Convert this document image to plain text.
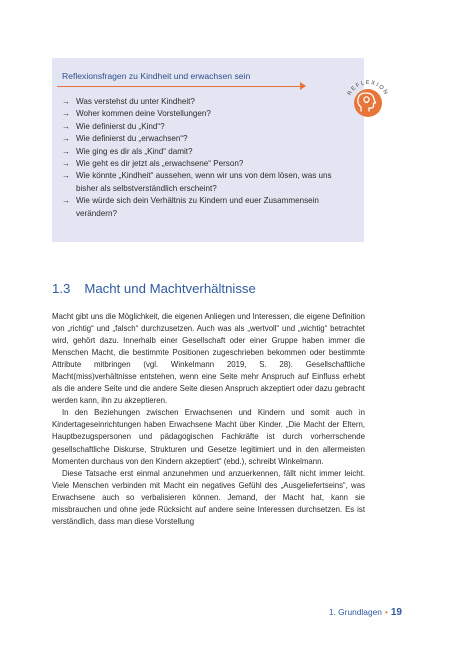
Reflexionsfragen zu Kindheit und erwachsen sein
REFLEXION
→ Was verstehst du unter Kindheit?
→ Woher kommen deine Vorstellungen?
→ Wie definierst du „Kind“?
→ Wie definierst du „erwachsen“?
→ Wie ging es dir als „Kind“ damit?
→ Wie geht es dir jetzt als „erwachsene“ Person?
→ Wie könnte „Kindheit“ aussehen, wenn wir uns von dem lösen, was uns bisher als selbstverständlich erscheint?
→ Wie würde sich dein Verhältnis zu Kindern und euer Zusammensein verändern?
1.3 Macht und Machtverhältnisse

Macht gibt uns die Möglichkeit, die eigenen Anliegen und Interessen, die eigene Definition von „richtig“ und „falsch“ durchzusetzen. Auch was als „wertvoll“ und „wichtig“ betrachtet wird, gehört dazu. Innerhalb einer Gesellschaft oder einer Gruppe haben immer die Menschen Macht, die bestimmte Positionen zugeschrieben bekommen oder bestimmte Attribute mitbringen (vgl. Winkelmann 2019, S. 28). Gesellschaftliche Macht(miss)verhältnisse entstehen, wenn eine Seite mehr Anspruch auf Einfluss erhebt als die andere Seite und die andere Seite diesen Anspruch akzeptiert oder dazu gebracht werden kann, ihn zu akzeptieren.

In den Beziehungen zwischen Erwachsenen und Kindern und somit auch in Kindertageseinrichtungen haben Erwachsene Macht über Kinder. „Die Macht der Eltern, Hauptbezugspersonen und pädagogischen Fachkräfte ist durch vorherrschende gesellschaftliche Diskurse, Strukturen und Gesetze legitimiert und in den allermeisten Momenten durchaus von den Kindern akzeptiert“ (ebd.), schreibt Winkelmann.

Diese Tatsache erst einmal anzunehmen und anzuerkennen, fällt nicht immer leicht. Viele Menschen verbinden mit Macht ein negatives Gefühl des „Ausgeliefertseins“, was Erwachsene auch so verbalisieren können. Jemand, der Macht hat, kann sie missbrauchen und ohne jede Rücksicht auf andere seine Interessen durchsetzen. Es ist verständlich, dass man diese Vorstellung

1. Grundlagen • 19
